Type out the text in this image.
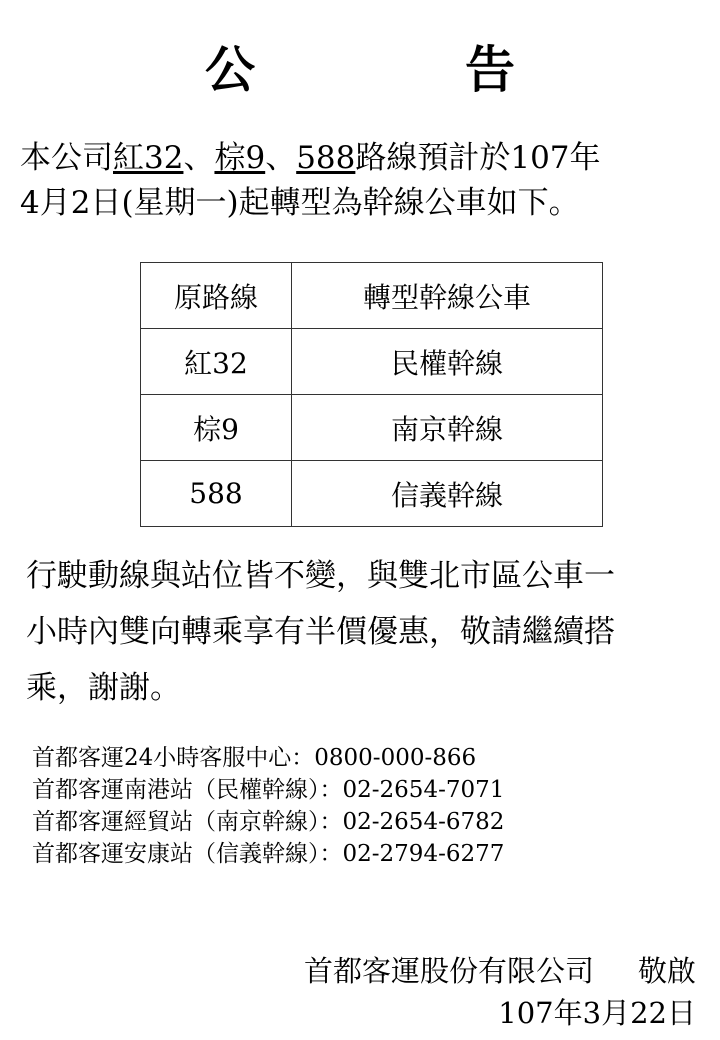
公　告
本公司紅32、棕9、588路線預計於107年
4月2日(星期一)起轉型為幹線公車如下。
原路線	轉型幹線公車
紅32	民權幹線
棕9	南京幹線
588	信義幹線
行駛動線與站位皆不變，與雙北市區公車一
小時內雙向轉乘享有半價優惠，敬請繼續搭
乘，謝謝。
首都客運24小時客服中心：0800-000-866
首都客運南港站（民權幹線）：02-2654-7071
首都客運經貿站（南京幹線）：02-2654-6782
首都客運安康站（信義幹線）：02-2794-6277
首都客運股份有限公司 敬啟
107年3月22日
